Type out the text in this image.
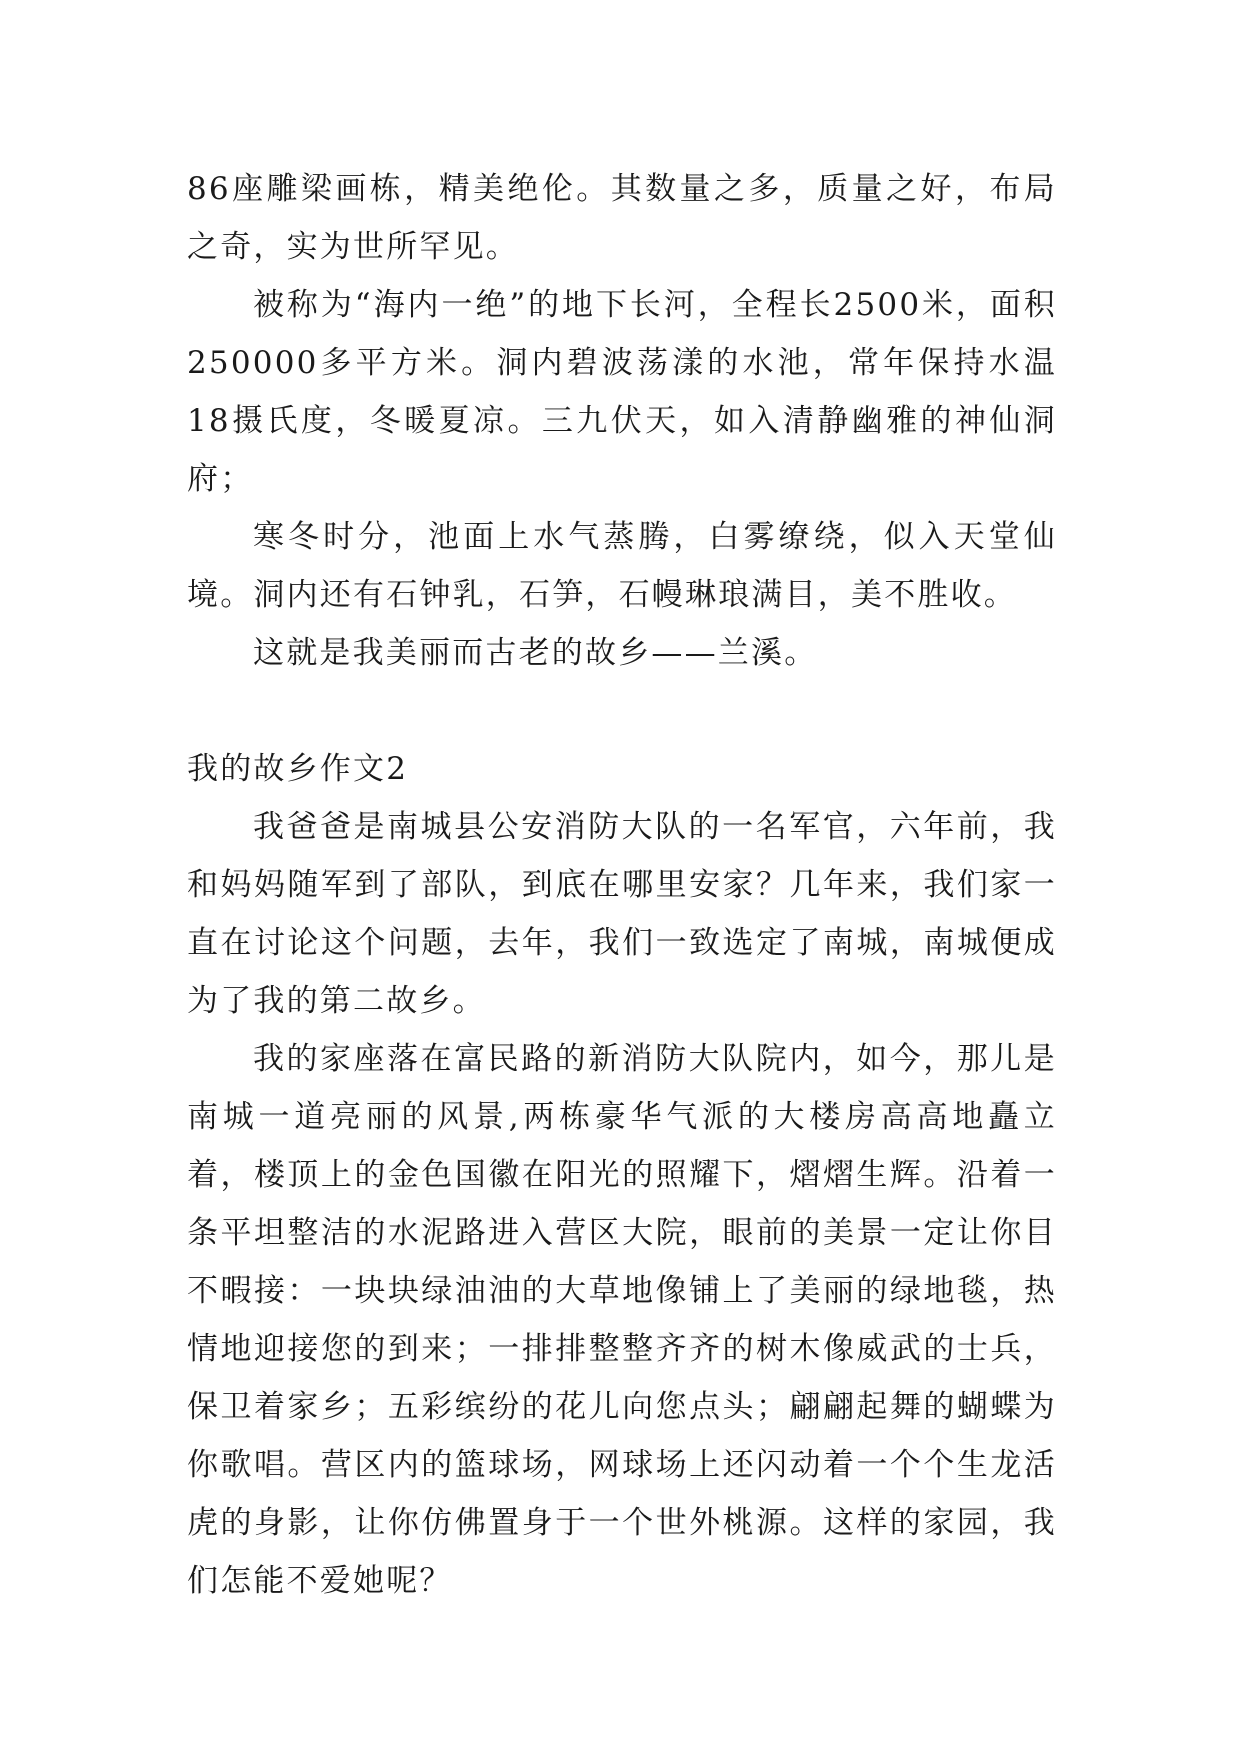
86座雕梁画栋，精美绝伦。其数量之多，质量之好，布局之奇，实为世所罕见。

被称为“海内一绝”的地下长河，全程长2500米，面积250000多平方米。洞内碧波荡漾的水池，常年保持水温18摄氏度，冬暖夏凉。三九伏天，如入清静幽雅的神仙洞府；

寒冬时分，池面上水气蒸腾，白雾缭绕，似入天堂仙境。洞内还有石钟乳，石笋，石幔琳琅满目，美不胜收。

这就是我美丽而古老的故乡——兰溪。

我的故乡作文2

我爸爸是南城县公安消防大队的一名军官，六年前，我和妈妈随军到了部队，到底在哪里安家？几年来，我们家一直在讨论这个问题，去年，我们一致选定了南城，南城便成为了我的第二故乡。

我的家座落在富民路的新消防大队院内，如今，那儿是南城一道亮丽的风景,两栋豪华气派的大楼房高高地矗立着，楼顶上的金色国徽在阳光的照耀下，熠熠生辉。沿着一条平坦整洁的水泥路进入营区大院，眼前的美景一定让你目不暇接：一块块绿油油的大草地像铺上了美丽的绿地毯，热情地迎接您的到来；一排排整整齐齐的树木像威武的士兵，保卫着家乡；五彩缤纷的花儿向您点头；翩翩起舞的蝴蝶为你歌唱。营区内的篮球场，网球场上还闪动着一个个生龙活虎的身影，让你仿佛置身于一个世外桃源。这样的家园，我们怎能不爱她呢？
